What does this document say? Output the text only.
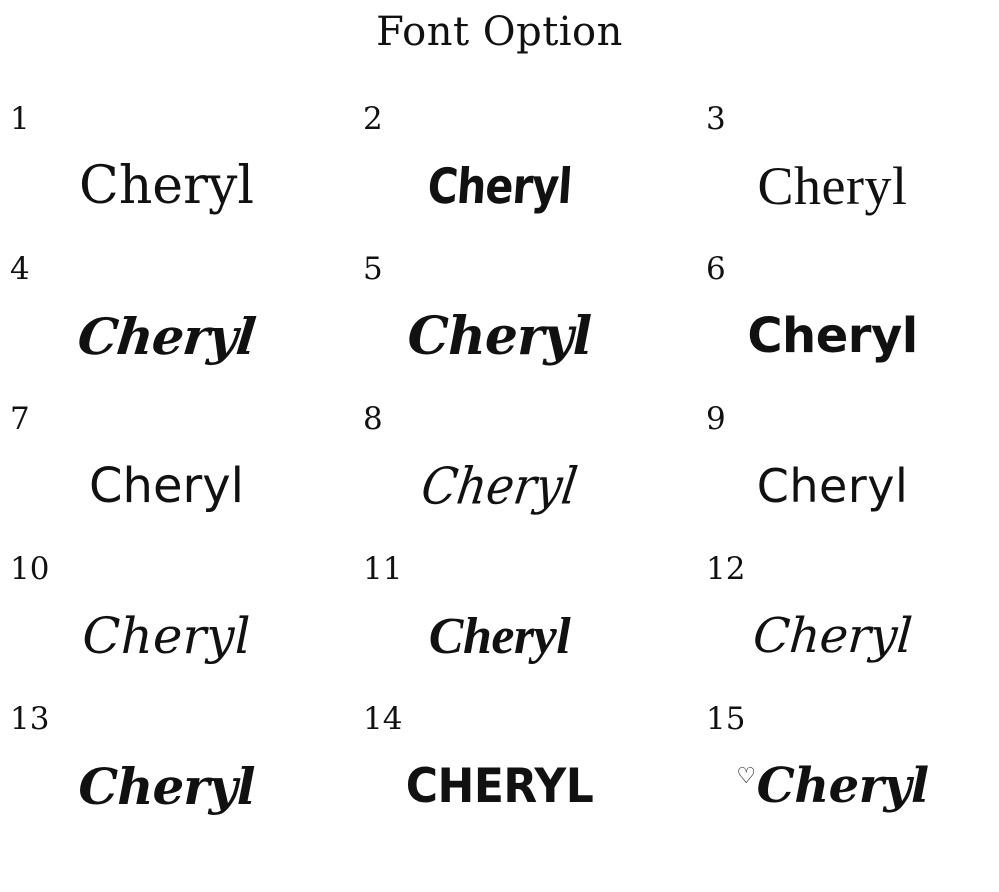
Font Option
1
Cheryl
2
Cheryl
3
Cheryl
4
Cheryl
5
Cheryl
6
Cheryl
7
Cheryl
8
Cheryl
9
Cheryl
10
Cheryl
11
Cheryl
12
Cheryl
13
Cheryl
14
CHERYL
15
♡ Cheryl
